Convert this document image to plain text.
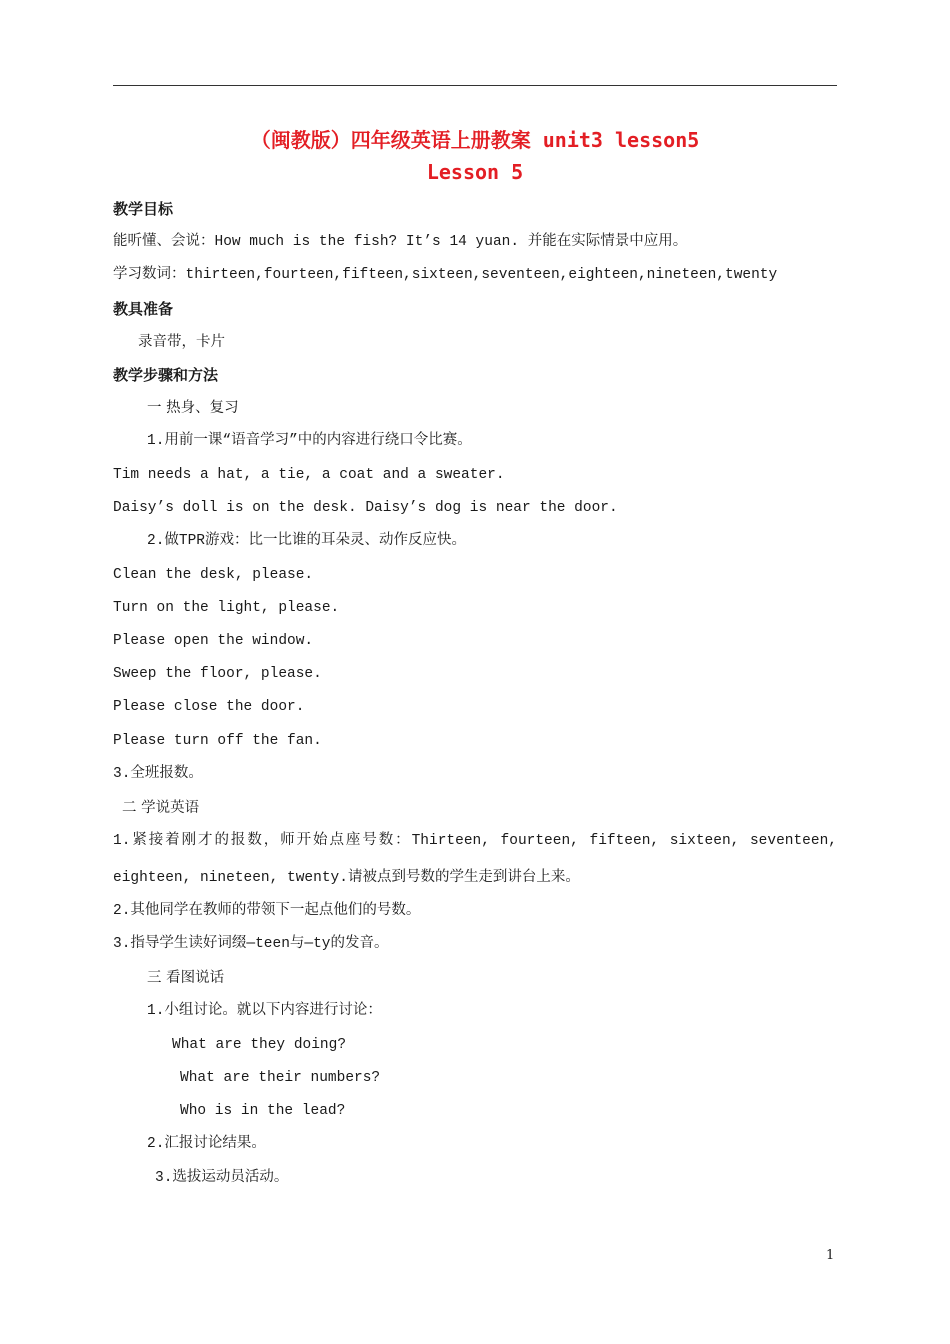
（闽教版）四年级英语上册教案 unit3 lesson5
Lesson 5
教学目标
能听懂、会说：How much is the fish? It’s 14 yuan. 并能在实际情景中应用。
学习数词：thirteen,fourteen,fifteen,sixteen,seventeen,eighteen,nineteen,twenty
教具准备
录音带，卡片
教学步骤和方法
一 热身、复习
1.用前一课“语音学习”中的内容进行绕口令比赛。
Tim needs a hat, a tie, a coat and a sweater.
Daisy’s doll is on the desk. Daisy’s dog is near the door.
2.做TPR游戏：比一比谁的耳朵灵、动作反应快。
Clean the desk, please.
Turn on the light, please.
Please open the window.
Sweep the floor, please.
Please close the door.
Please turn off the fan.
3.全班报数。
二 学说英语
1.紧接着刚才的报数，师开始点座号数：Thirteen, fourteen, fifteen, sixteen, seventeen,
eighteen, nineteen, twenty.请被点到号数的学生走到讲台上来。
2.其他同学在教师的带领下一起点他们的号数。
3.指导学生读好词缀—teen与—ty的发音。
三 看图说话
1.小组讨论。就以下内容进行讨论：
What are they doing?
What are their numbers?
Who is in the lead?
2.汇报讨论结果。
3.选拔运动员活动。
1
